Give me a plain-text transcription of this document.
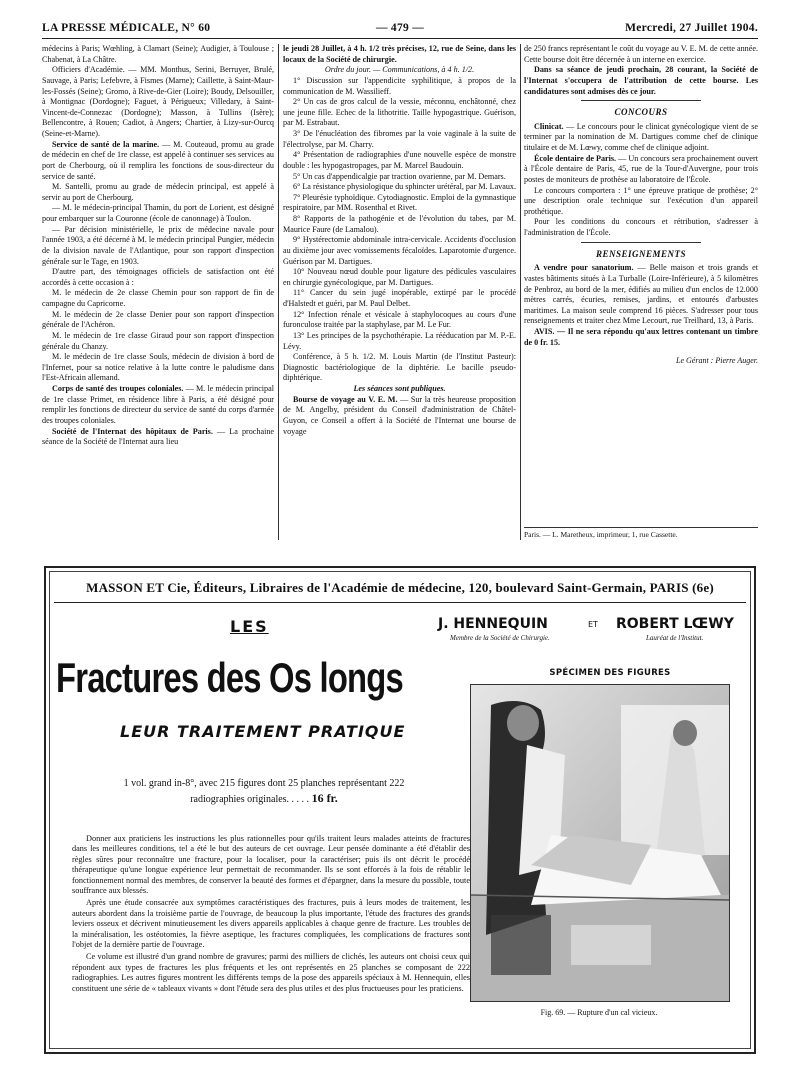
LA PRESSE MÉDICALE, N° 60	— 479 —	Mercredi, 27 Juillet 1904.

médecins à Paris; Wœhling, à Clamart (Seine); Audigier, à Toulouse ; Chabenat, à La Châtre.

Officiers d'Académie. — MM. Monthus, Serini, Berruyer, Brulé, Sauvage, à Paris; Lefebvre, à Fismes (Marne); Caillette, à Saint-Maur-les-Fossés (Seine); Gromo, à Rive-de-Gier (Loire); Boudy, Delsouiller, à Montignac (Dordogne); Faguet, à Périgueux; Villedary, à Saint-Vincent-de-Connezac (Dordogne); Masson, à Tullins (Isère); Bellencontre, à Rouen; Cadiot, à Angers; Chartier, à Lizy-sur-Ourcq (Seine-et-Marne).

Service de santé de la marine. — M. Couteaud, promu au grade de médecin en chef de 1re classe, est appelé à continuer ses services au port de Cherbourg, où il remplira les fonctions de sous-directeur du service de santé.

M. Santelli, promu au grade de médecin principal, est appelé à servir au port de Cherbourg.

— M. le médecin-principal Thamin, du port de Lorient, est désigné pour embarquer sur la Couronne (école de canonnage) à Toulon.

— Par décision ministérielle, le prix de médecine navale pour l'année 1903, a été décerné à M. le médecin principal Pungier, médecin de la division navale de l'Atlantique, pour son rapport d'inspection générale sur le Tage, en 1903.

D'autre part, des témoignages officiels de satisfaction ont été accordés à cette occasion à :

M. le médecin de 2e classe Chemin pour son rapport de fin de campagne du Capricorne.

M. le médecin de 2e classe Denier pour son rapport d'inspection générale de l'Achéron.

M. le médecin de 1re classe Giraud pour son rapport d'inspection générale du Chanzy.

M. le médecin de 1re classe Souls, médecin de division à bord de l'Infernet, pour sa notice relative à la lutte contre le paludisme dans l'Est-Africain allemand.

Corps de santé des troupes coloniales. — M. le médecin principal de 1re classe Primet, en résidence libre à Paris, a été désigné pour remplir les fonctions de directeur du service de santé du corps d'armée des troupes coloniales.

Société de l'Internat des hôpitaux de Paris. — La prochaine séance de la Société de l'Internat aura lieu

le jeudi 28 Juillet, à 4 h. 1/2 très précises, 12, rue de Seine, dans les locaux de la Société de chirurgie.

Ordre du jour. — Communications, à 4 h. 1/2.

1° Discussion sur l'appendicite syphilitique, à propos de la communication de M. Wassilieff.

2° Un cas de gros calcul de la vessie, méconnu, enchâtonné, chez une jeune fille. Echec de la lithotritie. Taille hypogastrique. Guérison, par M. Estrabaut.

3° De l'énucléation des fibromes par la voie vaginale à la suite de l'électrolyse, par M. Charry.

4° Présentation de radiographies d'une nouvelle espèce de monstre double : les hypogastropages, par M. Marcel Baudouin.

5° Un cas d'appendicalgie par traction ovarienne, par M. Demars.

6° La résistance physiologique du sphincter urétéral, par M. Lavaux.

7° Pleurésie typhoïdique. Cytodiagnostic. Emploi de la gymnastique respiratoire, par MM. Rosenthal et Rivet.

8° Rapports de la pathogénie et de l'évolution du tabes, par M. Maurice Faure (de Lamalou).

9° Hystérectomie abdominale intra-cervicale. Accidents d'occlusion au dixième jour avec vomissements fécaloïdes. Laparotomie d'urgence. Guérison par M. Dartigues.

10° Nouveau nœud double pour ligature des pédicules vasculaires en chirurgie gynécologique, par M. Dartigues.

11° Cancer du sein jugé inopérable, extirpé par le procédé d'Halstedt et guéri, par M. Paul Delbet.

12° Infection rénale et vésicale à staphylocoques au cours d'une furonculose traitée par la staphylase, par M. Le Fur.

13° Les principes de la psychothérapie. La rééducation par M. P.-E. Lévy.

Conférence, à 5 h. 1/2. M. Louis Martin (de l'Institut Pasteur): Diagnostic bactériologique de la diphtérie. Le bacille pseudo-diphtérique.

Les séances sont publiques.

Bourse de voyage au V. E. M. — Sur la très heureuse proposition de M. Angelby, président du Conseil d'administration de Châtel-Guyon, ce Conseil a offert à la Société de l'Internat une bourse de voyage

de 250 francs représentant le coût du voyage au V. E. M. de cette année. Cette bourse doit être décernée à un interne en exercice.

Dans sa séance de jeudi prochain, 28 courant, la Société de l'Internat s'occupera de l'attribution de cette bourse. Les candidatures sont admises dès ce jour.

CONCOURS

Clinicat. — Le concours pour le clinicat gynécologique vient de se terminer par la nomination de M. Dartigues comme chef de clinique titulaire et de M. Lœwy, comme chef de clinique adjoint.

École dentaire de Paris. — Un concours sera prochainement ouvert à l'École dentaire de Paris, 45, rue de la Tour-d'Auvergne, pour trois postes de moniteurs de prothèse au laboratoire de l'École.

Le concours comportera : 1° une épreuve pratique de prothèse; 2° une description orale technique sur l'exécution d'un appareil prothétique.

Pour les conditions du concours et rétribution, s'adresser à l'administration de l'École.

RENSEIGNEMENTS

A vendre pour sanatorium. — Belle maison et trois grands et vastes bâtiments situés à La Turballe (Loire-Inférieure), à 5 kilomètres de Penbroz, au bord de la mer, édifiés au milieu d'un enclos de 12.000 mètres carrés, écuries, remises, jardins, et entourés d'arbustes maritimes. La maison seule comprend 16 pièces. S'adresser pour tous renseignements et traiter chez Mme Lecourt, rue Treilhard, 13, à Paris.

AVIS. — Il ne sera répondu qu'aux lettres contenant un timbre de 0 fr. 15.

Le Gérant : Pierre Auger.
Paris. — L. Maretheux, imprimeur, 1, rue Cassette.
MASSON ET Cie, Éditeurs, Libraires de l'Académie de médecine, 120, boulevard Saint-Germain, PARIS (6e)
LES	J. HENNEQUIN	ET ROBERT LŒWY
Membre de la Société de Chirurgie.	Lauréat de l'Institut.
Fractures des Os longs
LEUR TRAITEMENT PRATIQUE
1 vol. grand in-8°, avec 215 figures dont 25 planches représentant 222 radiographies originales. . . . . 16 fr.

Donner aux praticiens les instructions les plus rationnelles pour qu'ils traitent leurs malades atteints de fractures dans les meilleures conditions, tel a été le but des auteurs de cet ouvrage. Leur pensée dominante a été d'établir des règles sûres pour reconnaître une fracture, pour la localiser, pour la caractériser; puis ils ont décrit le procédé thérapeutique qu'une longue expérience leur permettait de recommander. Ils se sont efforcés à la fois de rétablir le fonctionnement normal des membres, de conserver la beauté des formes et d'épargner, dans la mesure du possible, toute souffrance aux blessés.

Après une étude consacrée aux symptômes caractéristiques des fractures, puis à leurs modes de traitement, les auteurs abordent dans la troisième partie de l'ouvrage, de beaucoup la plus importante, l'étude des fractures des grands leviers osseux et décrivent minutieusement les divers appareils applicables à chaque genre de fracture. Les troubles de la minéralisation, les ostéotomies, la fièvre aseptique, les fractures compliquées, les complications de fractures sont l'objet de la dernière partie de l'ouvrage.

Ce volume est illustré d'un grand nombre de gravures; parmi des milliers de clichés, les auteurs ont choisi ceux qui répondent aux types de fractures les plus fréquents et les ont représentés en 25 planches se composant de 222 radiographies. Les autres figures montrent les différents temps de la pose des appareils spéciaux à M. Hennequin, elles constituent une série de « tableaux vivants » dont l'étude sera des plus utiles et des plus fructueuses pour les praticiens.

SPÉCIMEN DES FIGURES
Fig. 69. — Rupture d'un cal vicieux.
